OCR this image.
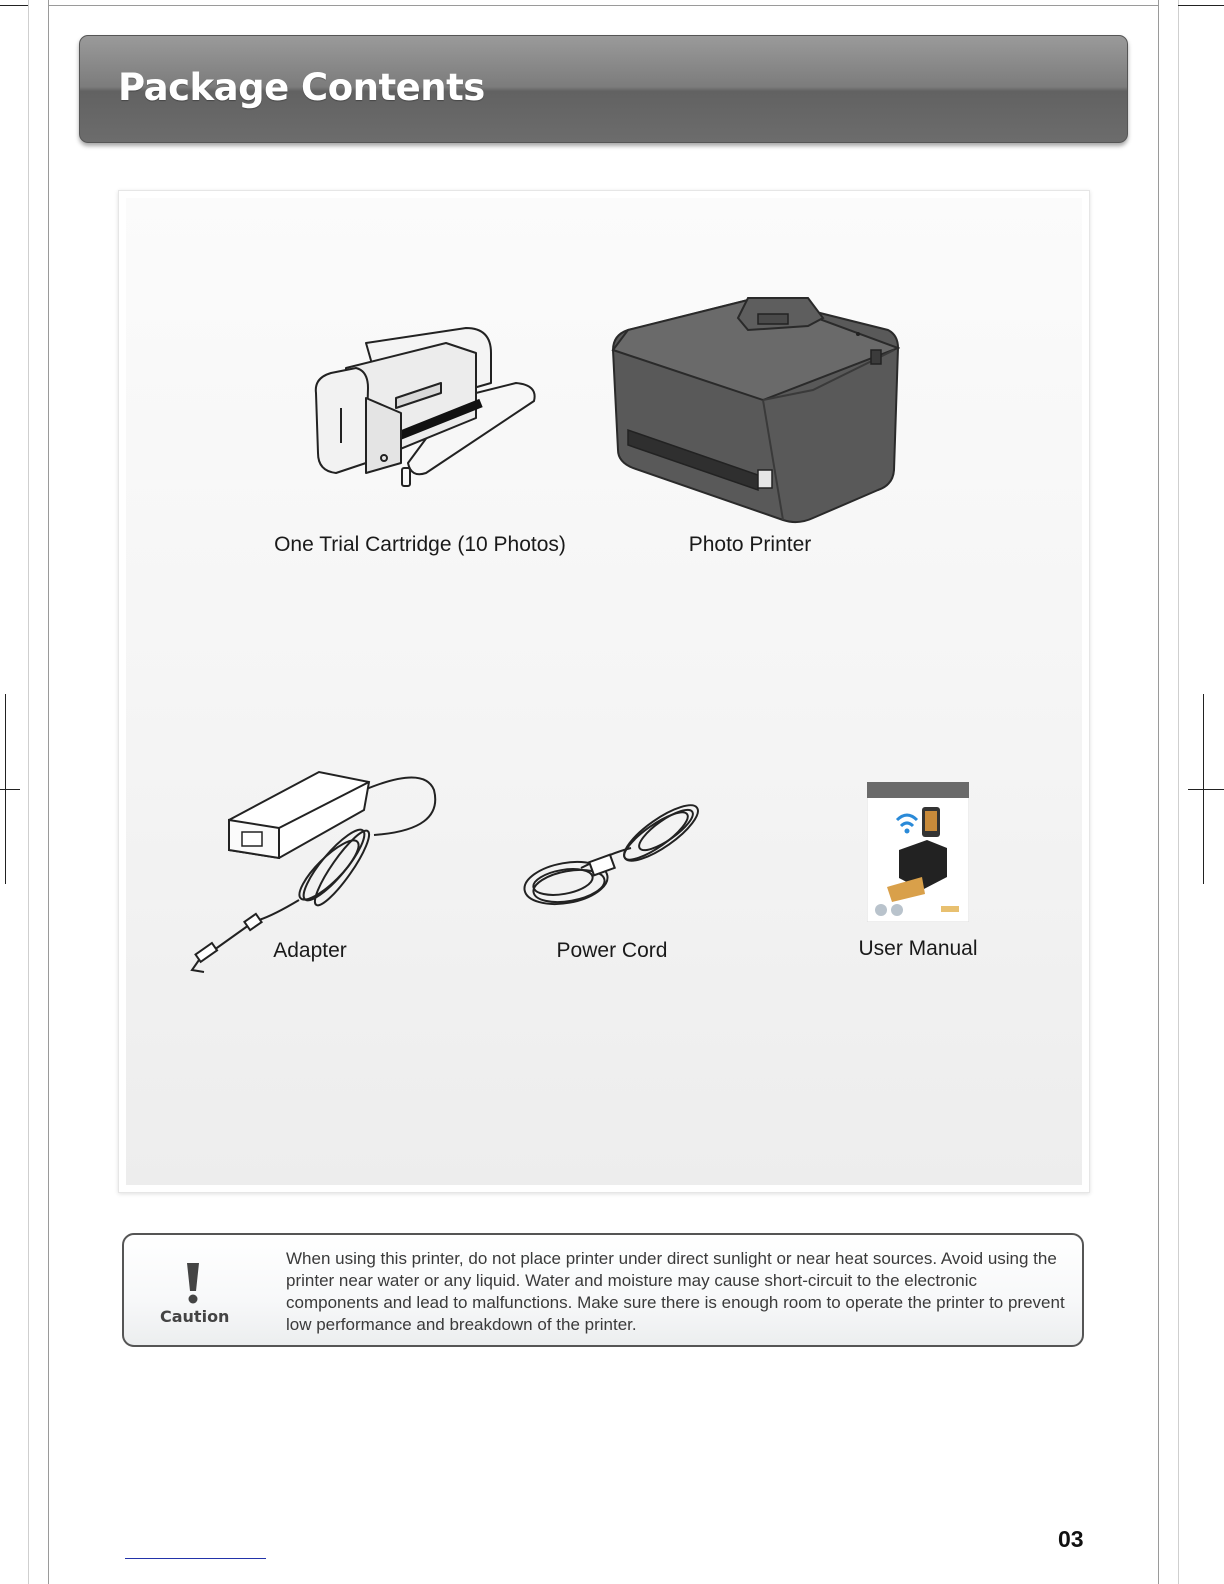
Package Contents
One Trial Cartridge (10 Photos)	Photo Printer
Adapter	Power Cord	User Manual
Caution
When using this printer, do not place printer under direct sunlight or near heat sources. Avoid using the printer near water or any liquid. Water and moisture may cause short-circuit to the electronic components and lead to malfunctions. Make sure there is enough room to operate the printer to prevent low performance and breakdown of the printer.
03
